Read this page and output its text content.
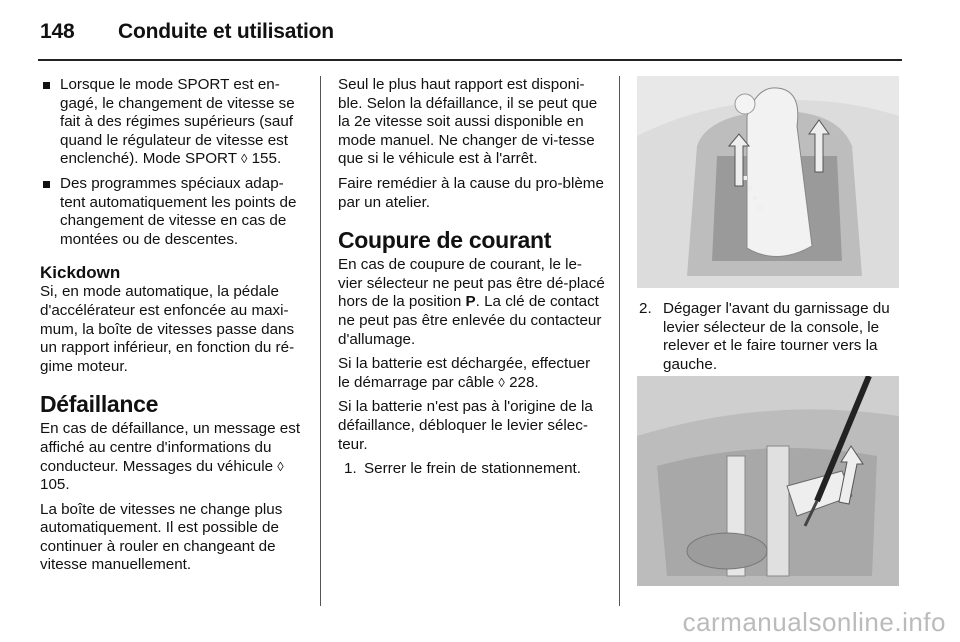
148 Conduite et utilisation
Lorsque le mode SPORT est en-gagé, le changement de vitesse se fait à des régimes supérieurs (sauf quand le régulateur de vitesse est enclenché). Mode SPORT ◊ 155.
Des programmes spéciaux adap-tent automatiquement les points de changement de vitesse en cas de montées ou de descentes.
Kickdown

Si, en mode automatique, la pédale d'accélérateur est enfoncée au maxi-mum, la boîte de vitesses passe dans un rapport inférieur, en fonction du ré-gime moteur.

Défaillance

En cas de défaillance, un message est affiché au centre d'informations du conducteur. Messages du véhicule ◊ 105.

La boîte de vitesses ne change plus automatiquement. Il est possible de continuer à rouler en changeant de vitesse manuellement.

Seul le plus haut rapport est disponi-ble. Selon la défaillance, il se peut que la 2e vitesse soit aussi disponible en mode manuel. Ne changer de vi-tesse que si le véhicule est à l'arrêt.

Faire remédier à la cause du pro-blème par un atelier.

Coupure de courant

En cas de coupure de courant, le le-vier sélecteur ne peut pas être dé-placé hors de la position P. La clé de contact ne peut pas être enlevée du contacteur d'allumage.

Si la batterie est déchargée, effectuer le démarrage par câble ◊ 228.

Si la batterie n'est pas à l'origine de la défaillance, débloquer le levier sélec-teur.

1. Serrer le frein de stationnement.
2. Dégager l'avant du garnissage du levier sélecteur de la console, le relever et le faire tourner vers la gauche.
carmanualsonline.info
